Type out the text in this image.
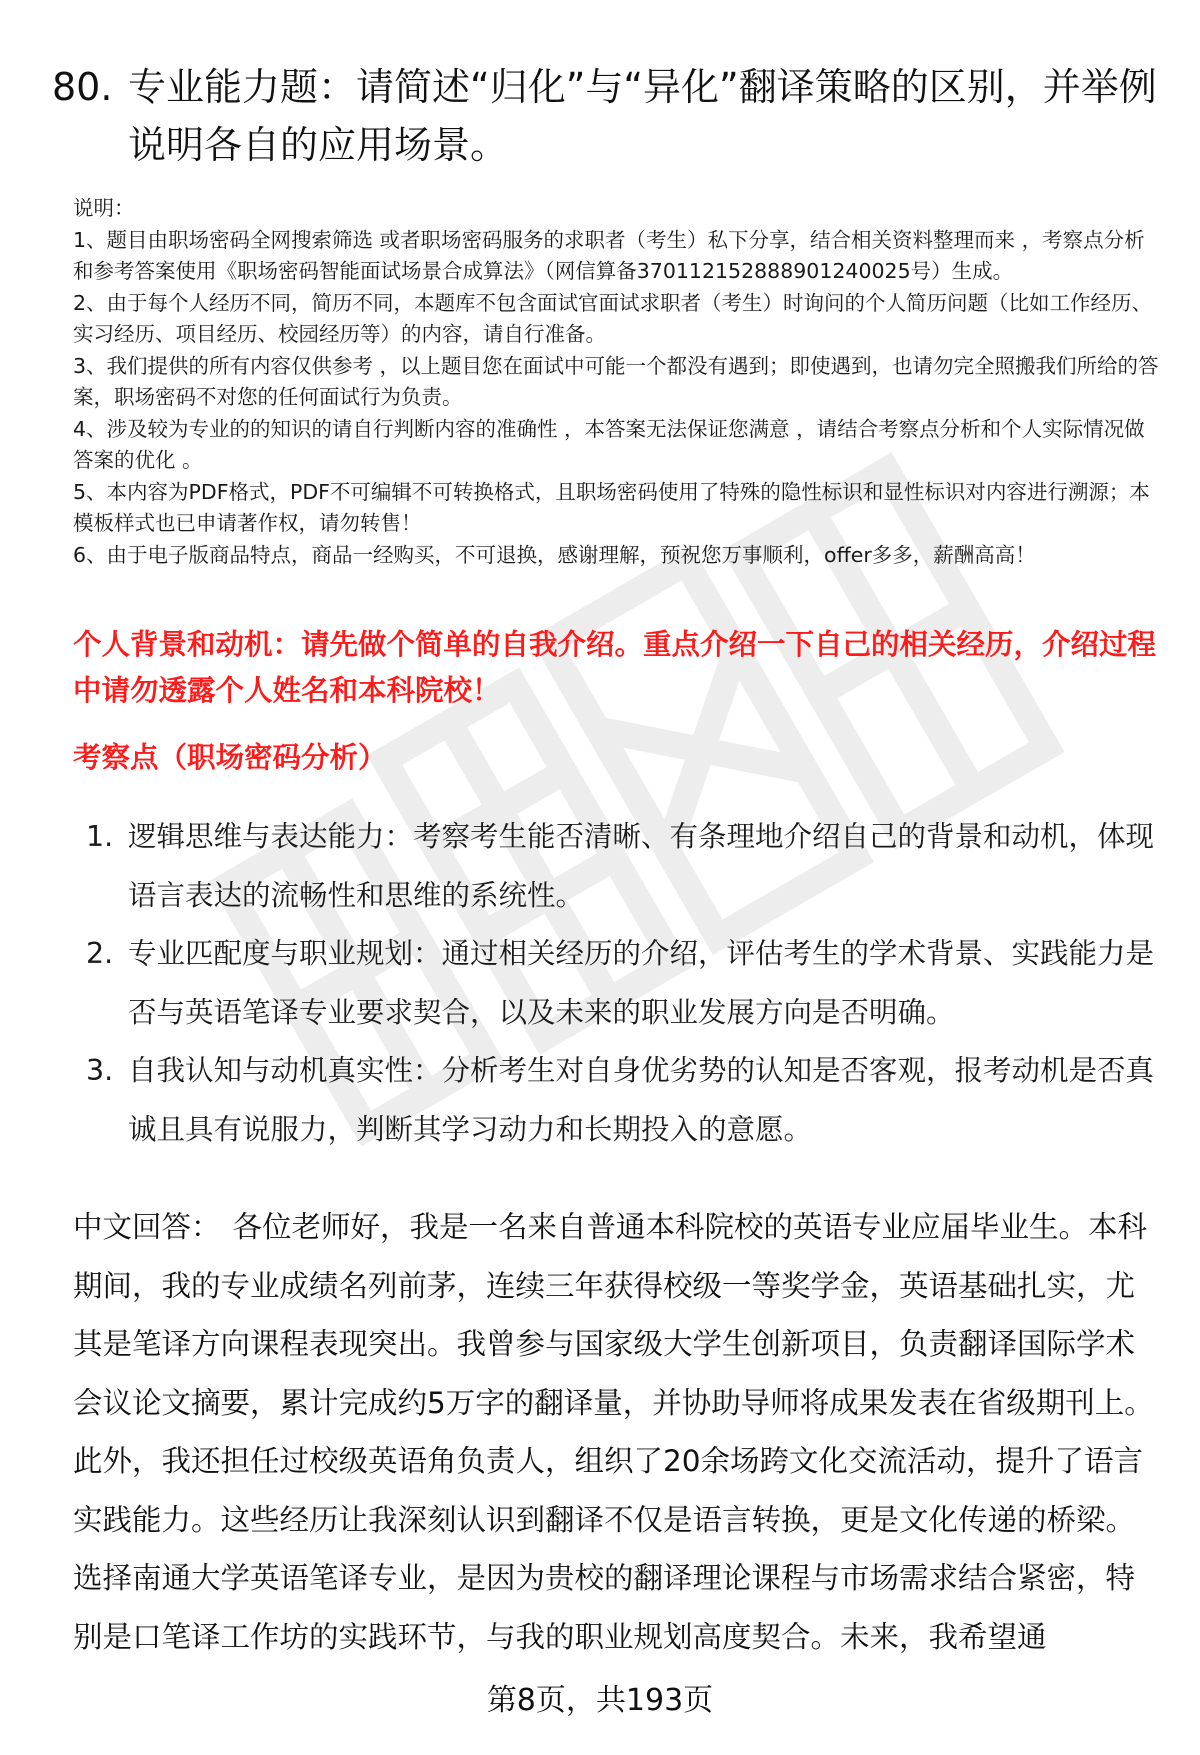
80. 专业能力题：请简述“归化”与“异化”翻译策略的区别，并举例说明各自的应用场景。

说明：

1、题目由职场密码全网搜索筛选 或者职场密码服务的求职者（考生）私下分享，结合相关资料整理而来 ，考察点分析和参考答案使用《职场密码智能面试场景合成算法》（网信算备370112152888901240025号）生成。

2、由于每个人经历不同，简历不同，本题库不包含面试官面试求职者（考生）时询问的个人简历问题（比如工作经历、实习经历、项目经历、校园经历等）的内容，请自行准备。

3、我们提供的所有内容仅供参考 ，以上题目您在面试中可能一个都没有遇到；即使遇到，也请勿完全照搬我们所给的答案，职场密码不对您的任何面试行为负责。

4、涉及较为专业的的知识的请自行判断内容的准确性 ，本答案无法保证您满意 ，请结合考察点分析和个人实际情况做答案的优化 。

5、本内容为PDF格式，PDF不可编辑不可转换格式，且职场密码使用了特殊的隐性标识和显性标识对内容进行溯源；本模板样式也已申请著作权，请勿转售！

6、由于电子版商品特点，商品一经购买，不可退换，感谢理解，预祝您万事顺利，offer多多，薪酬高高！

个人背景和动机：请先做个简单的自我介绍。重点介绍一下自己的相关经历，介绍过程中请勿透露个人姓名和本科院校！
考察点（职场密码分析）
1. 逻辑思维与表达能力：考察考生能否清晰、有条理地介绍自己的背景和动机，体现语言表达的流畅性和思维的系统性。
2. 专业匹配度与职业规划：通过相关经历的介绍，评估考生的学术背景、实践能力是否与英语笔译专业要求契合，以及未来的职业发展方向是否明确。
3. 自我认知与动机真实性：分析考生对自身优劣势的认知是否客观，报考动机是否真诚且具有说服力，判断其学习动力和长期投入的意愿。
中文回答： 各位老师好，我是一名来自普通本科院校的英语专业应届毕业生。本科期间，我的专业成绩名列前茅，连续三年获得校级一等奖学金，英语基础扎实，尤其是笔译方向课程表现突出。我曾参与国家级大学生创新项目，负责翻译国际学术会议论文摘要，累计完成约5万字的翻译量，并协助导师将成果发表在省级期刊上。此外，我还担任过校级英语角负责人，组织了20余场跨文化交流活动，提升了语言实践能力。这些经历让我深刻认识到翻译不仅是语言转换，更是文化传递的桥梁。选择南通大学英语笔译专业，是因为贵校的翻译理论课程与市场需求结合紧密，特别是口笔译工作坊的实践环节，与我的职业规划高度契合。未来，我希望通
第8页，共193页
